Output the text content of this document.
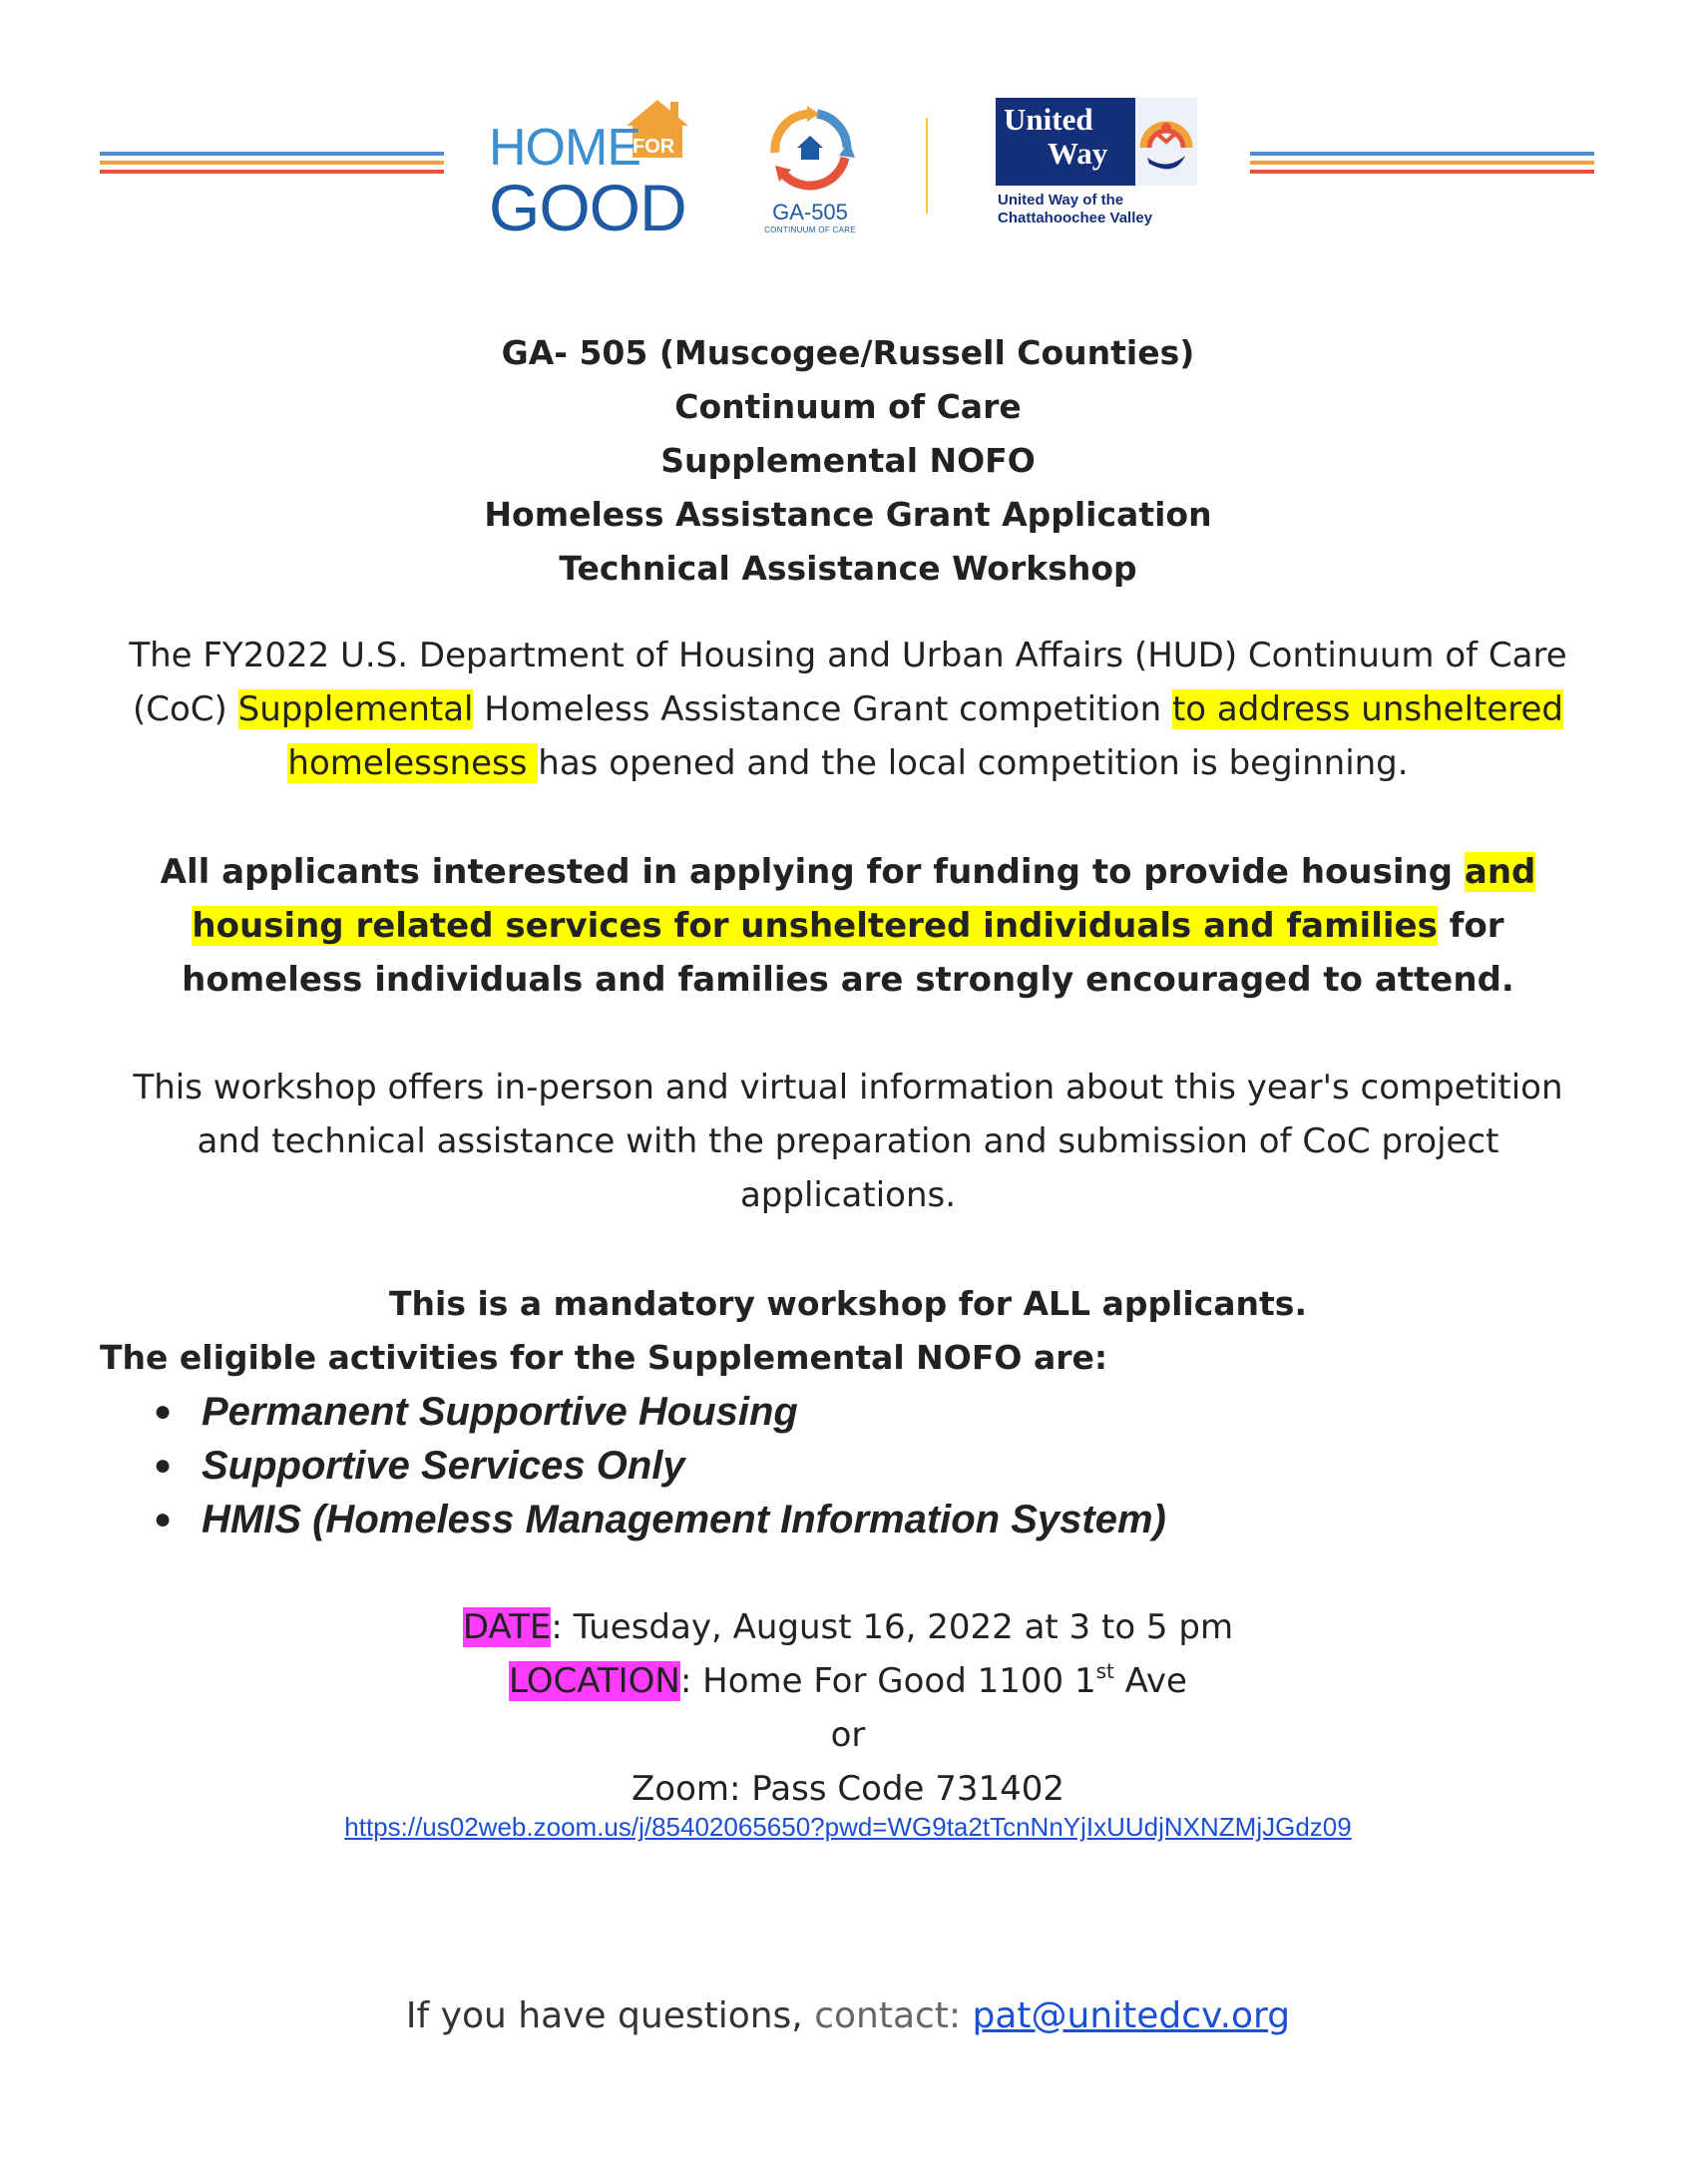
HOME
FOR
GOOD	GA-505
CONTINUUM OF CARE
United
Way
United Way of the
Chattahoochee Valley
GA- 505 (Muscogee/Russell Counties)
Continuum of Care
Supplemental NOFO
Homeless Assistance Grant Application
Technical Assistance Workshop
The FY2022 U.S. Department of Housing and Urban Affairs (HUD) Continuum of Care (CoC) Supplemental Homeless Assistance Grant competition to address unsheltered homelessness has opened and the local competition is beginning.
All applicants interested in applying for funding to provide housing and housing related services for unsheltered individuals and families for homeless individuals and families are strongly encouraged to attend.
This workshop offers in-person and virtual information about this year's competition and technical assistance with the preparation and submission of CoC project applications.
This is a mandatory workshop for ALL applicants.
The eligible activities for the Supplemental NOFO are:
● Permanent Supportive Housing
● Supportive Services Only
● HMIS (Homeless Management Information System)
DATE: Tuesday, August 16, 2022 at 3 to 5 pm
LOCATION: Home For Good 1100 1st Ave
or
Zoom: Pass Code 731402
https://us02web.zoom.us/j/85402065650?pwd=WG9ta2tTcnNnYjIxUUdjNXNZMjJGdz09
If you have questions, contact: pat@unitedcv.org
